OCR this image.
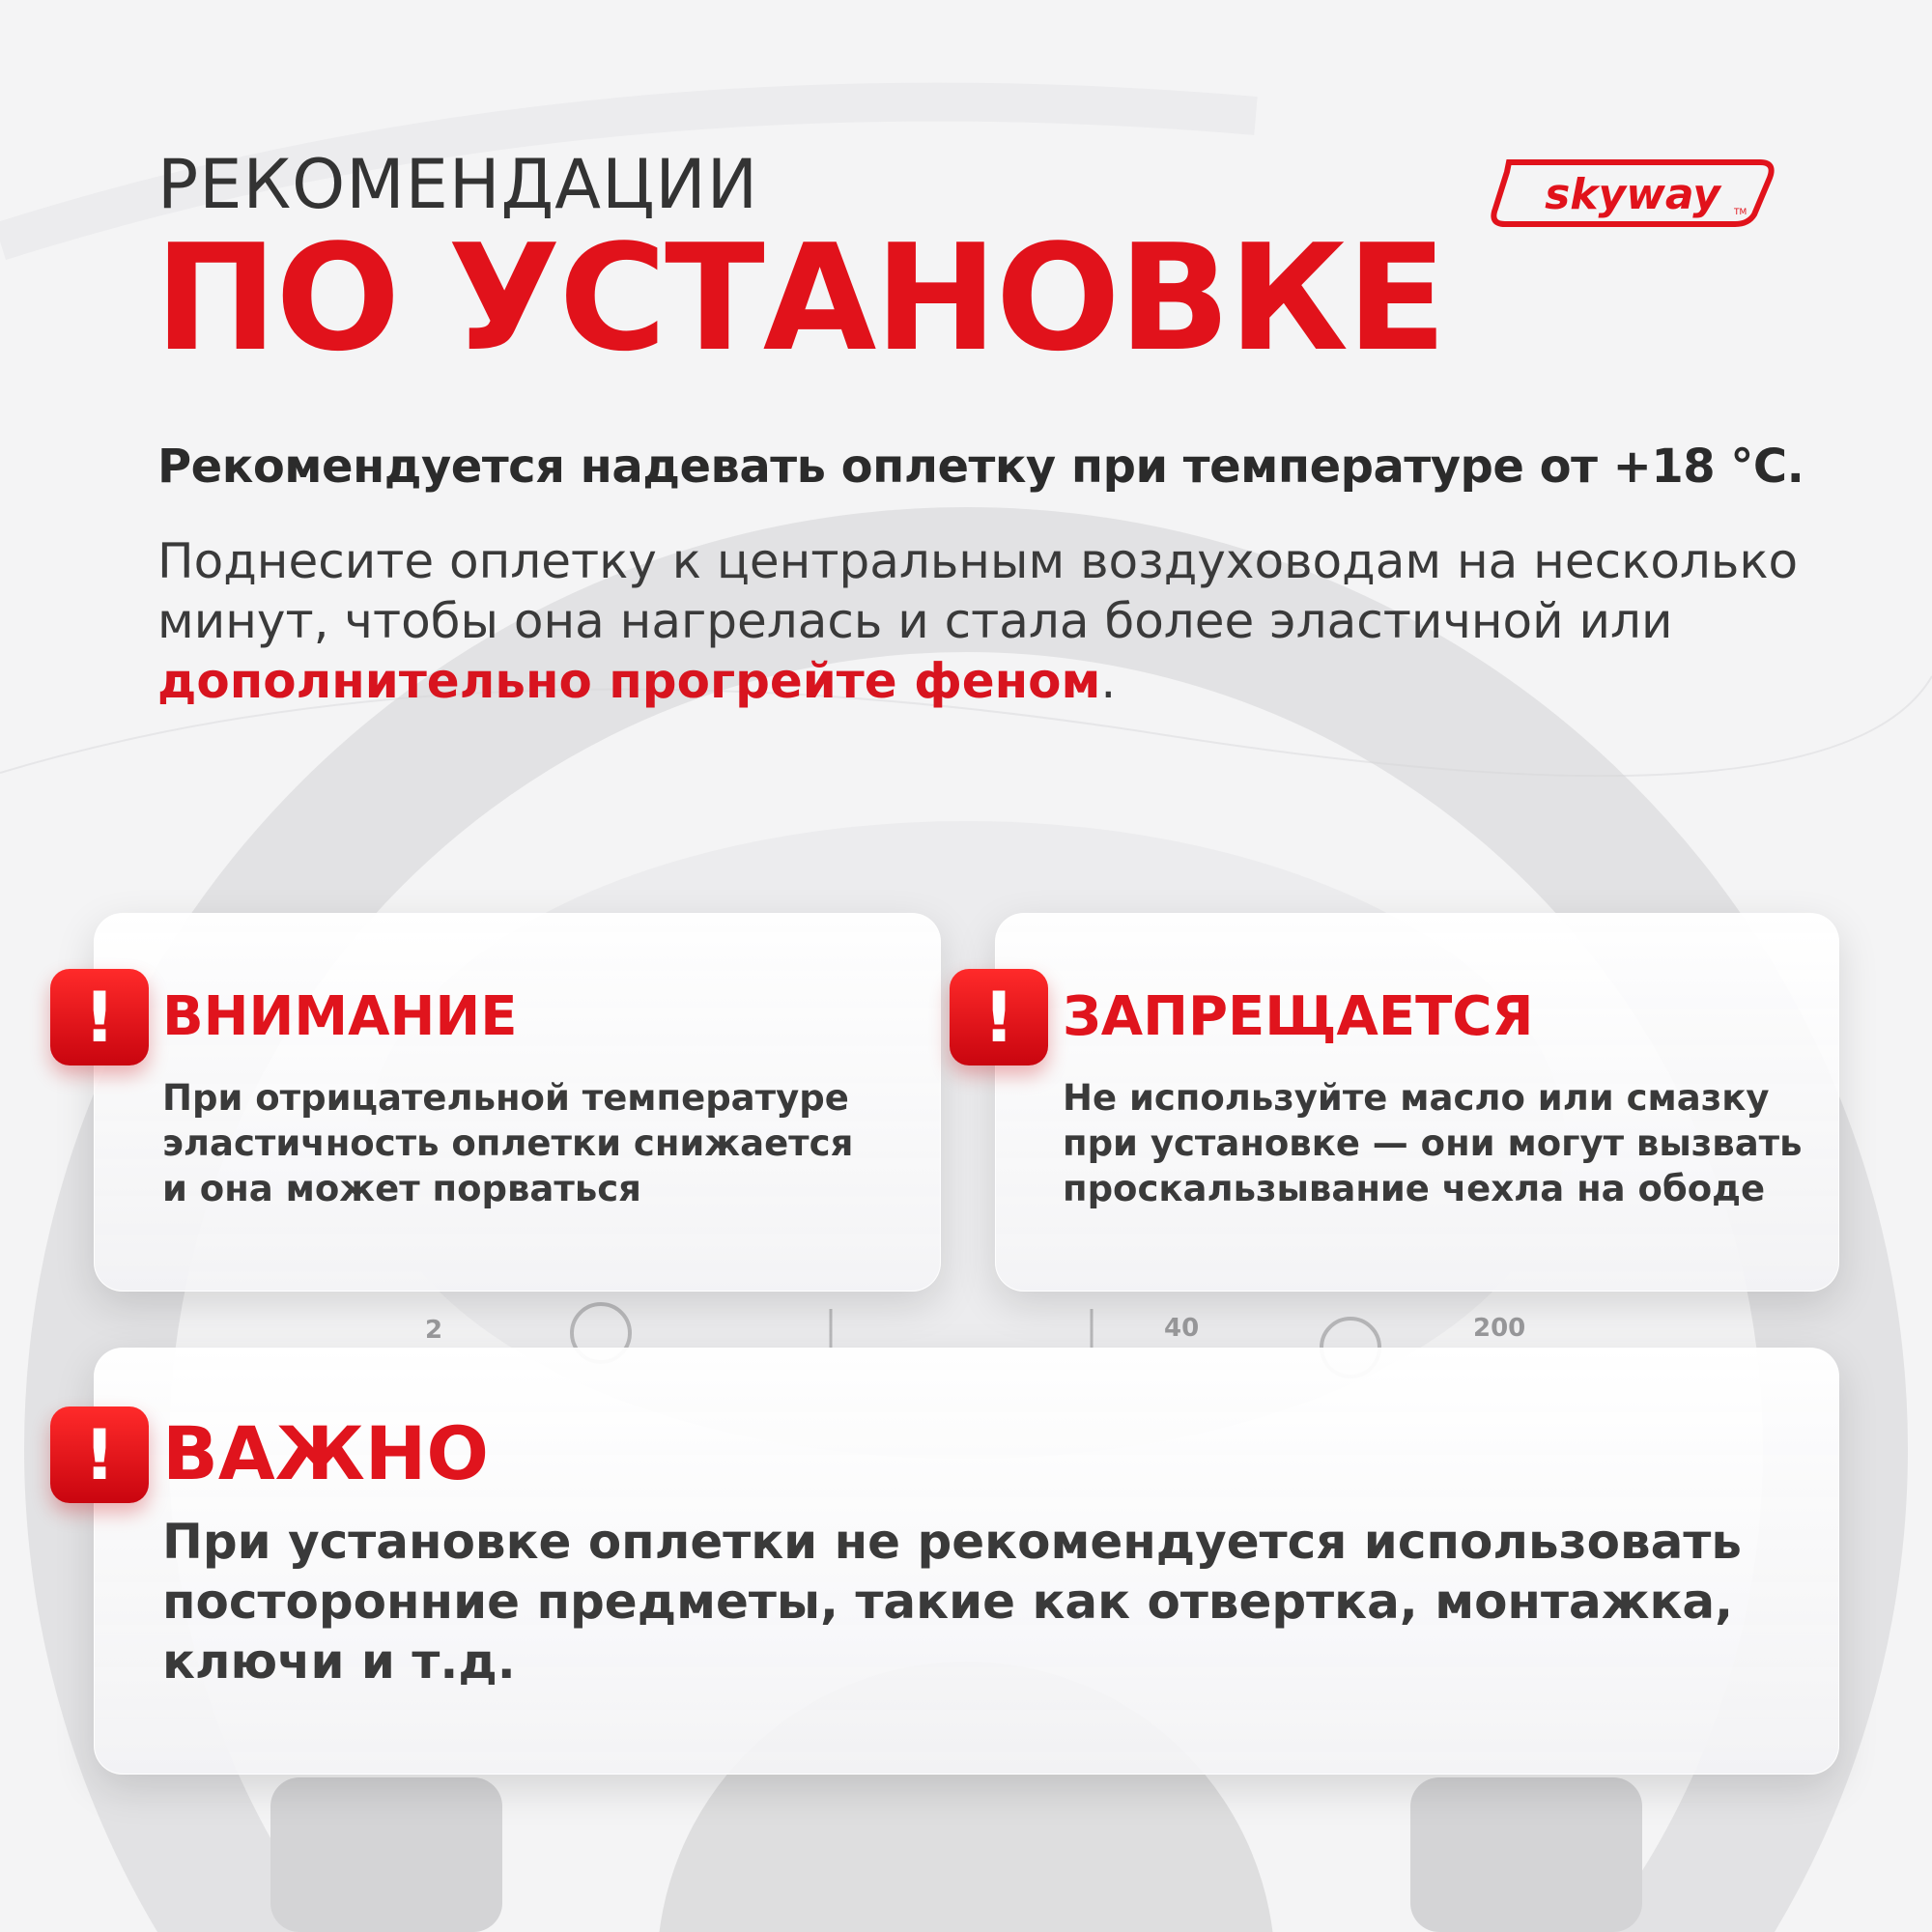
2	40	200
РЕКОМЕНДАЦИИ
ПО УСТАНОВКЕ
skyway TM

Рекомендуется надевать оплетку при температуре от +18 °C.

Поднесите оплетку к центральным воздуховодам на несколько минут, чтобы она нагрелась и стала более эластичной или дополнительно прогрейте феном.

! ВНИМАНИЕ

При отрицательной температуре эластичность оплетки снижается и она может порваться

! ЗАПРЕЩАЕТСЯ

Не используйте масло или смазку при установке — они могут вызвать проскальзывание чехла на ободе

! ВАЖНО

При установке оплетки не рекомендуется использовать посторонние предметы, такие как отвертка, монтажка, ключи и т.д.
